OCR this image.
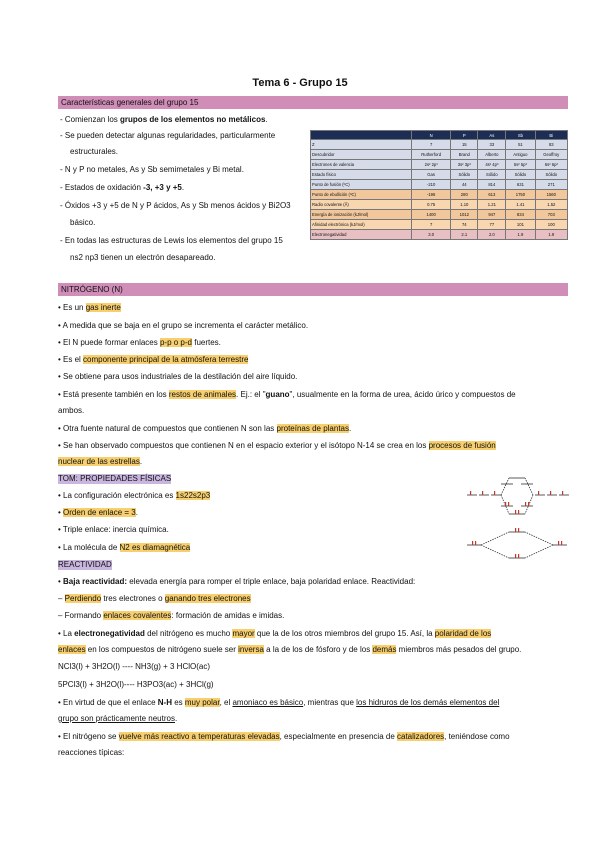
Tema 6 - Grupo 15
Características generales del grupo 15
- Comienzan los grupos de los elementos no metálicos.
- Se pueden detectar algunas regularidades, particularmente
estructurales.
- N y P no metales, As y Sb semimetales y Bi metal.
- Estados de oxidación -3, +3 y +5.
- Óxidos +3 y +5 de N y P ácidos, As y Sb menos ácidos y Bi2O3
básico.
- En todas las estructuras de Lewis los elementos del grupo 15
ns2 np3 tienen un electrón desapareado.
	N	P	As	Sb	Bi
Z	7	15	33	51	83
Descubridor	Rutherford	Brand	Alberto	Antiguo	Geoffroy
Electrones de valencia	2s² 2p³	3s² 3p³	4s² 4p³	5s² 5p³	6s² 6p³
Estado físico	Gas	Sólido	Sólido	Sólido	Sólido
Punto de fusión (ºC)	-210	44	814	631	271
Punto de ebullición (ºC)	-196	280	613	1750	1560
Radio covalente (Å)	0.75	1.10	1.21	1.41	1.52
Energía de ionización (kJ/mol)	1400	1012	947	834	703
Afinidad electrónica (kJ/mol)	7	74	77	101	100
Electronegatividad	3.0	2.1	2.0	1.9	1.9
NITRÓGENO (N)
• Es un gas inerte
• A medida que se baja en el grupo se incrementa el carácter metálico.
• El N puede formar enlaces p-p o p-d fuertes.
• Es el componente principal de la atmósfera terrestre
• Se obtiene para usos industriales de la destilación del aire líquido.
• Está presente también en los restos de animales. Ej.: el "guano", usualmente en la forma de urea, ácido úrico y compuestos de
ambos.
• Otra fuente natural de compuestos que contienen N son las proteínas de plantas.
• Se han observado compuestos que contienen N en el espacio exterior y el isótopo N-14 se crea en los procesos de fusión
nuclear de las estrellas.
TOM: PROPIEDADES FÍSICAS
• La configuración electrónica es 1s22s2p3
• Orden de enlace = 3.
• Triple enlace: inercia química.
• La molécula de N2 es diamagnética
REACTIVIDAD
• Baja reactividad: elevada energía para romper el triple enlace, baja polaridad enlace. Reactividad:
– Perdiendo tres electrones o ganando tres electrones
– Formando enlaces covalentes: formación de amidas e imidas.
• La electronegatividad del nitrógeno es mucho mayor que la de los otros miembros del grupo 15. Así, la polaridad de los
enlaces en los compuestos de nitrógeno suele ser inversa a la de los de fósforo y de los demás miembros más pesados del grupo.
NCl3(l) + 3H2O(l) ---- NH3(g) + 3 HClO(ac)
5PCl3(l) + 3H2O(l)---- H3PO3(ac) + 3HCl(g)
• En virtud de que el enlace N-H es muy polar, el amoniaco es básico, mientras que los hidruros de los demás elementos del
grupo son prácticamente neutros.
• El nitrógeno se vuelve más reactivo a temperaturas elevadas, especialmente en presencia de catalizadores, teniéndose como
reacciones típicas:
